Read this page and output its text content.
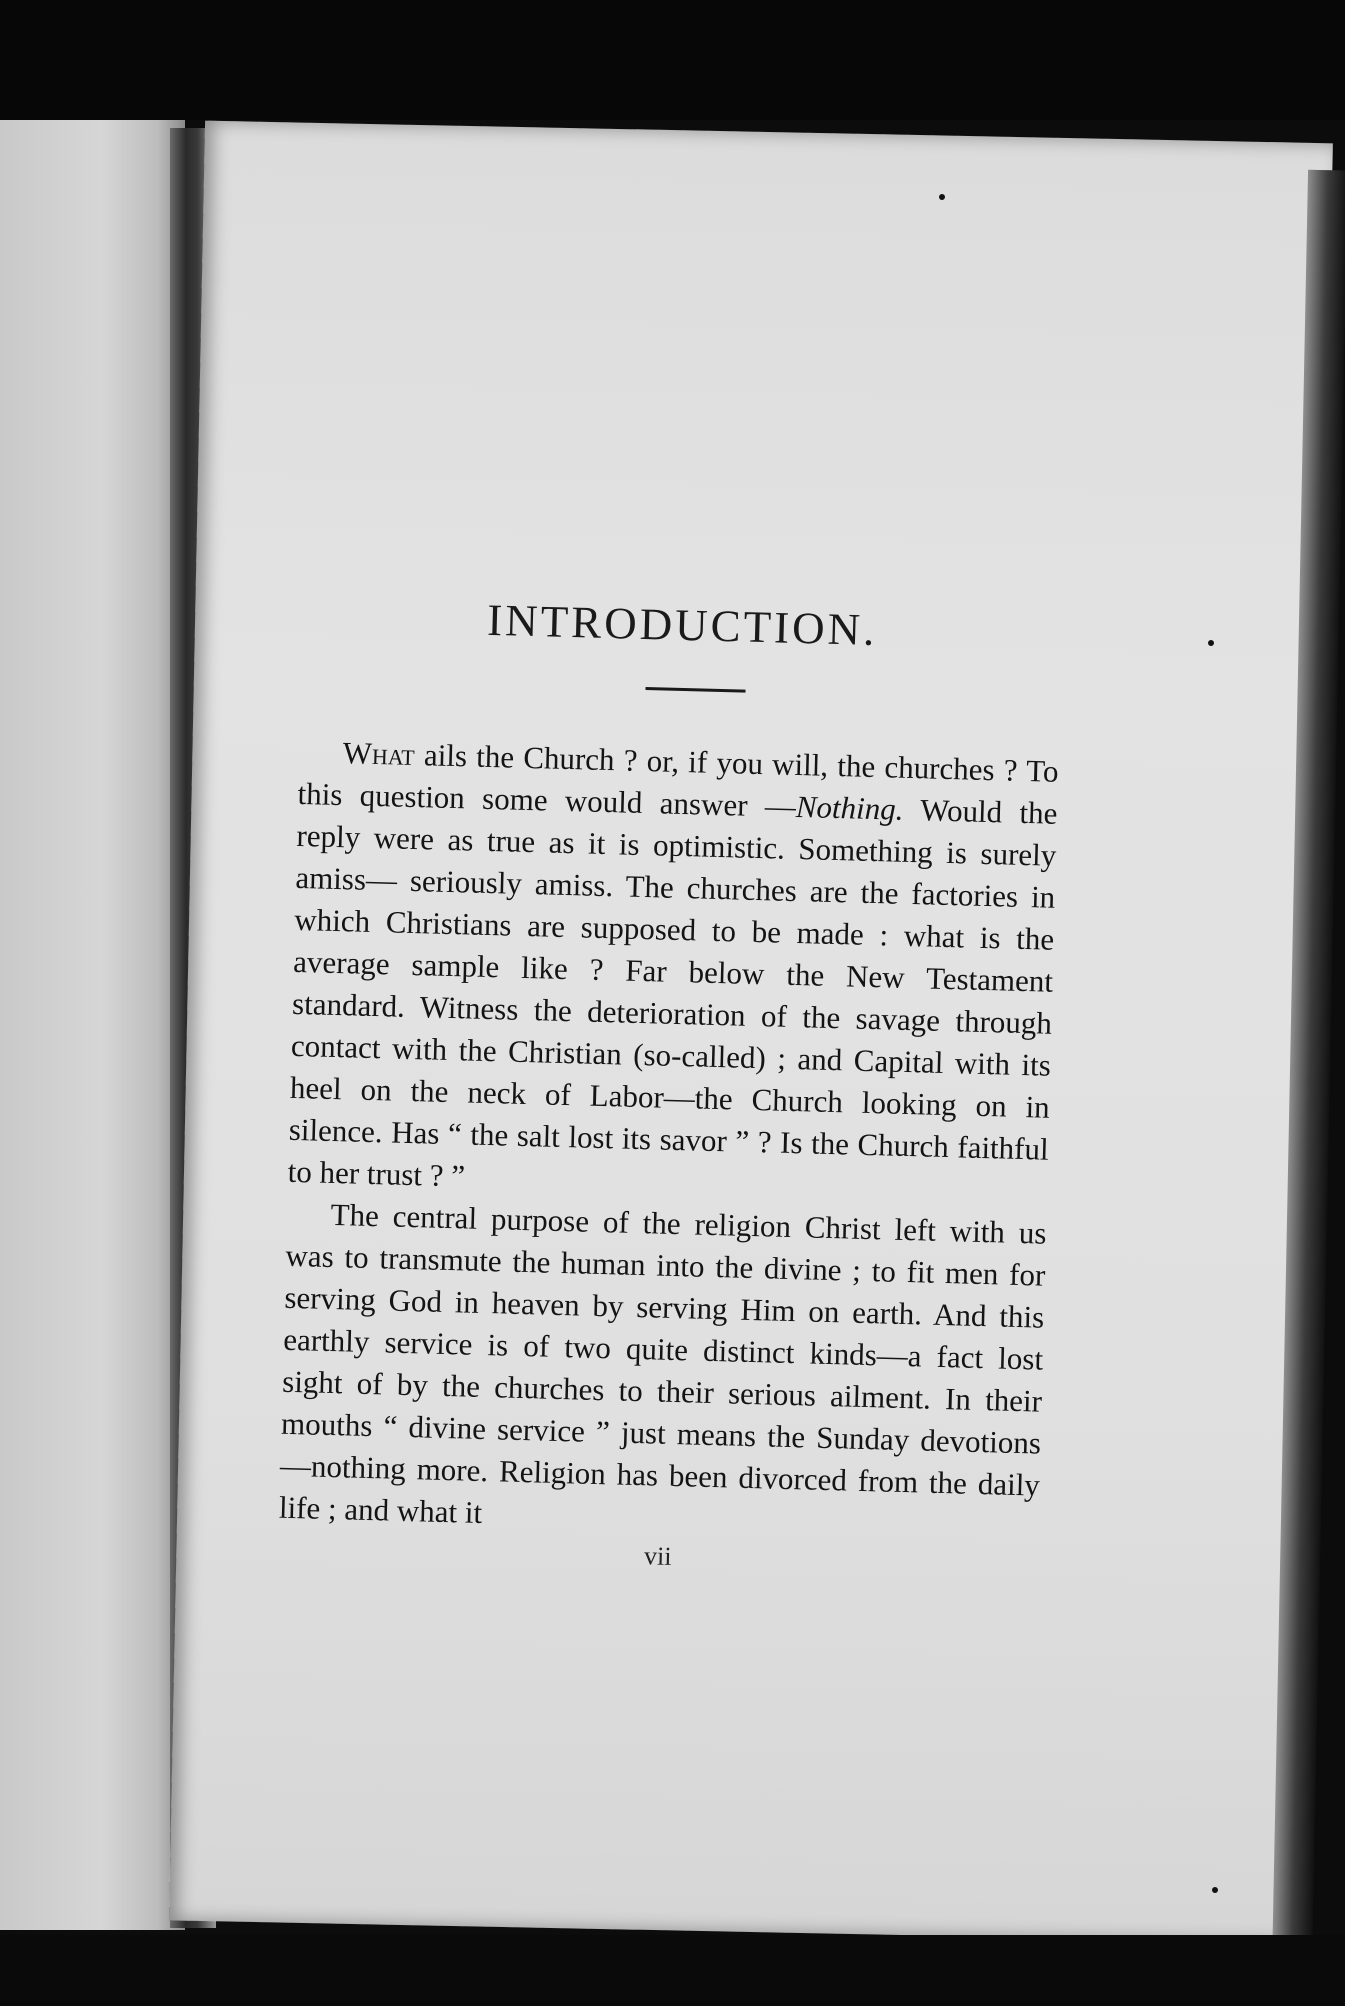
INTRODUCTION.

What ails the Church ? or, if you will, the churches ? To this question some would answer —Nothing. Would the reply were as true as it is optimistic. Something is surely amiss— seriously amiss. The churches are the factories in which Christians are supposed to be made : what is the average sample like ? Far below the New Testament standard. Witness the deterioration of the savage through contact with the Christian (so-called) ; and Capital with its heel on the neck of Labor—the Church looking on in silence. Has “ the salt lost its savor ” ? Is the Church faithful to her trust ? ”

The central purpose of the religion Christ left with us was to transmute the human into the divine ; to fit men for serving God in heaven by serving Him on earth. And this earthly service is of two quite distinct kinds—a fact lost sight of by the churches to their serious ailment. In their mouths “ divine service ” just means the Sunday devotions—nothing more. Religion has been divorced from the daily life ; and what it

vii
